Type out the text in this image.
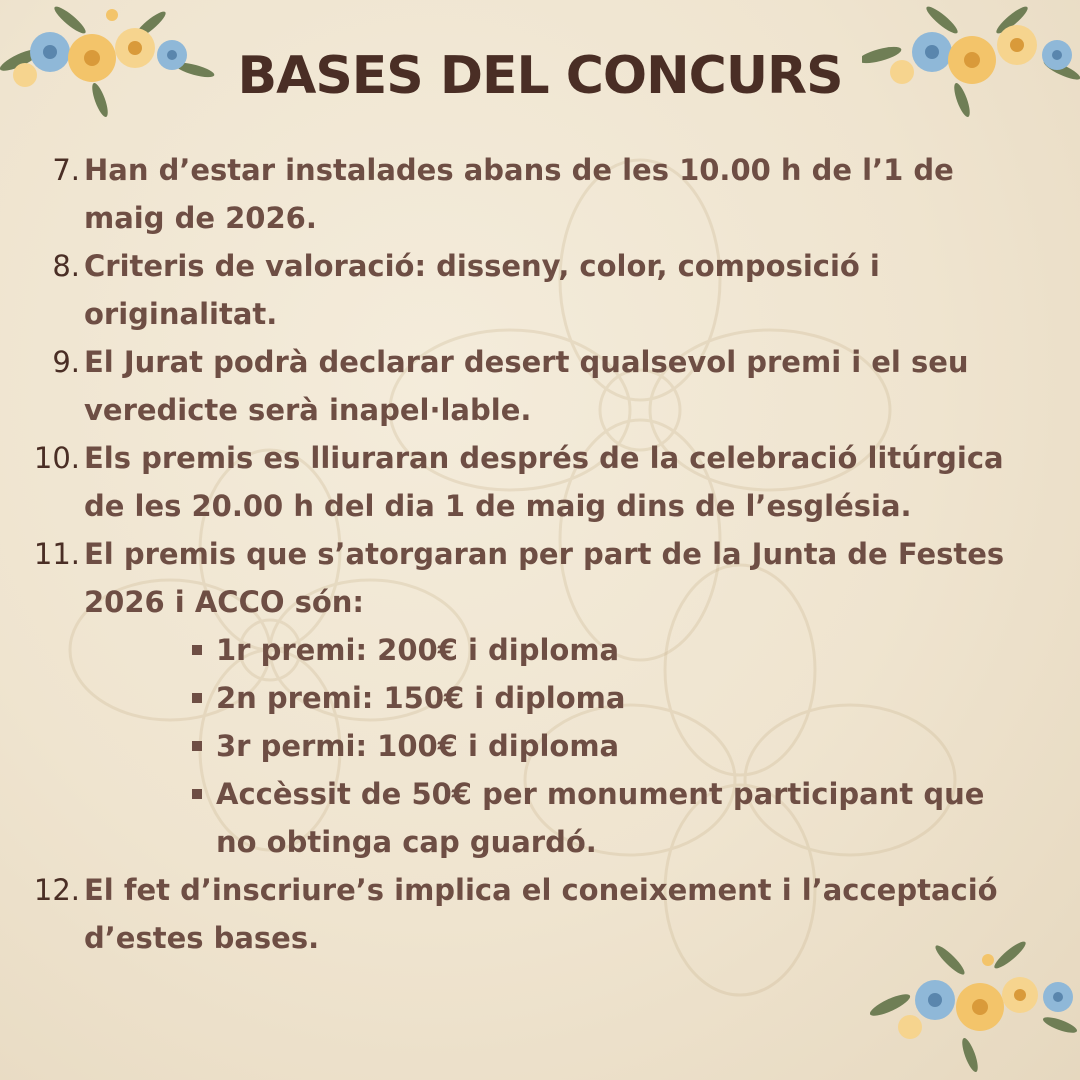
BASES DEL CONCURS
7. Han d’estar instalades abans de les 10.00 h de l’1 de maig de 2026.
8. Criteris de valoració: disseny, color, composició i originalitat.
9. El Jurat podrà declarar desert qualsevol premi i el seu veredicte serà inapel·lable.
10. Els premis es lliuraran després de la celebració litúrgica de les 20.00 h del dia 1 de maig dins de l’església.
11. El premis que s’atorgaran per part de la Junta de Festes 2026 i ACCO són:
1r premi: 200€ i diploma
2n premi: 150€ i diploma
3r permi: 100€ i diploma
Accèssit de 50€ per monument participant que no obtinga cap guardó.
12. El fet d’inscriure’s implica el coneixement i l’acceptació d’estes bases.
